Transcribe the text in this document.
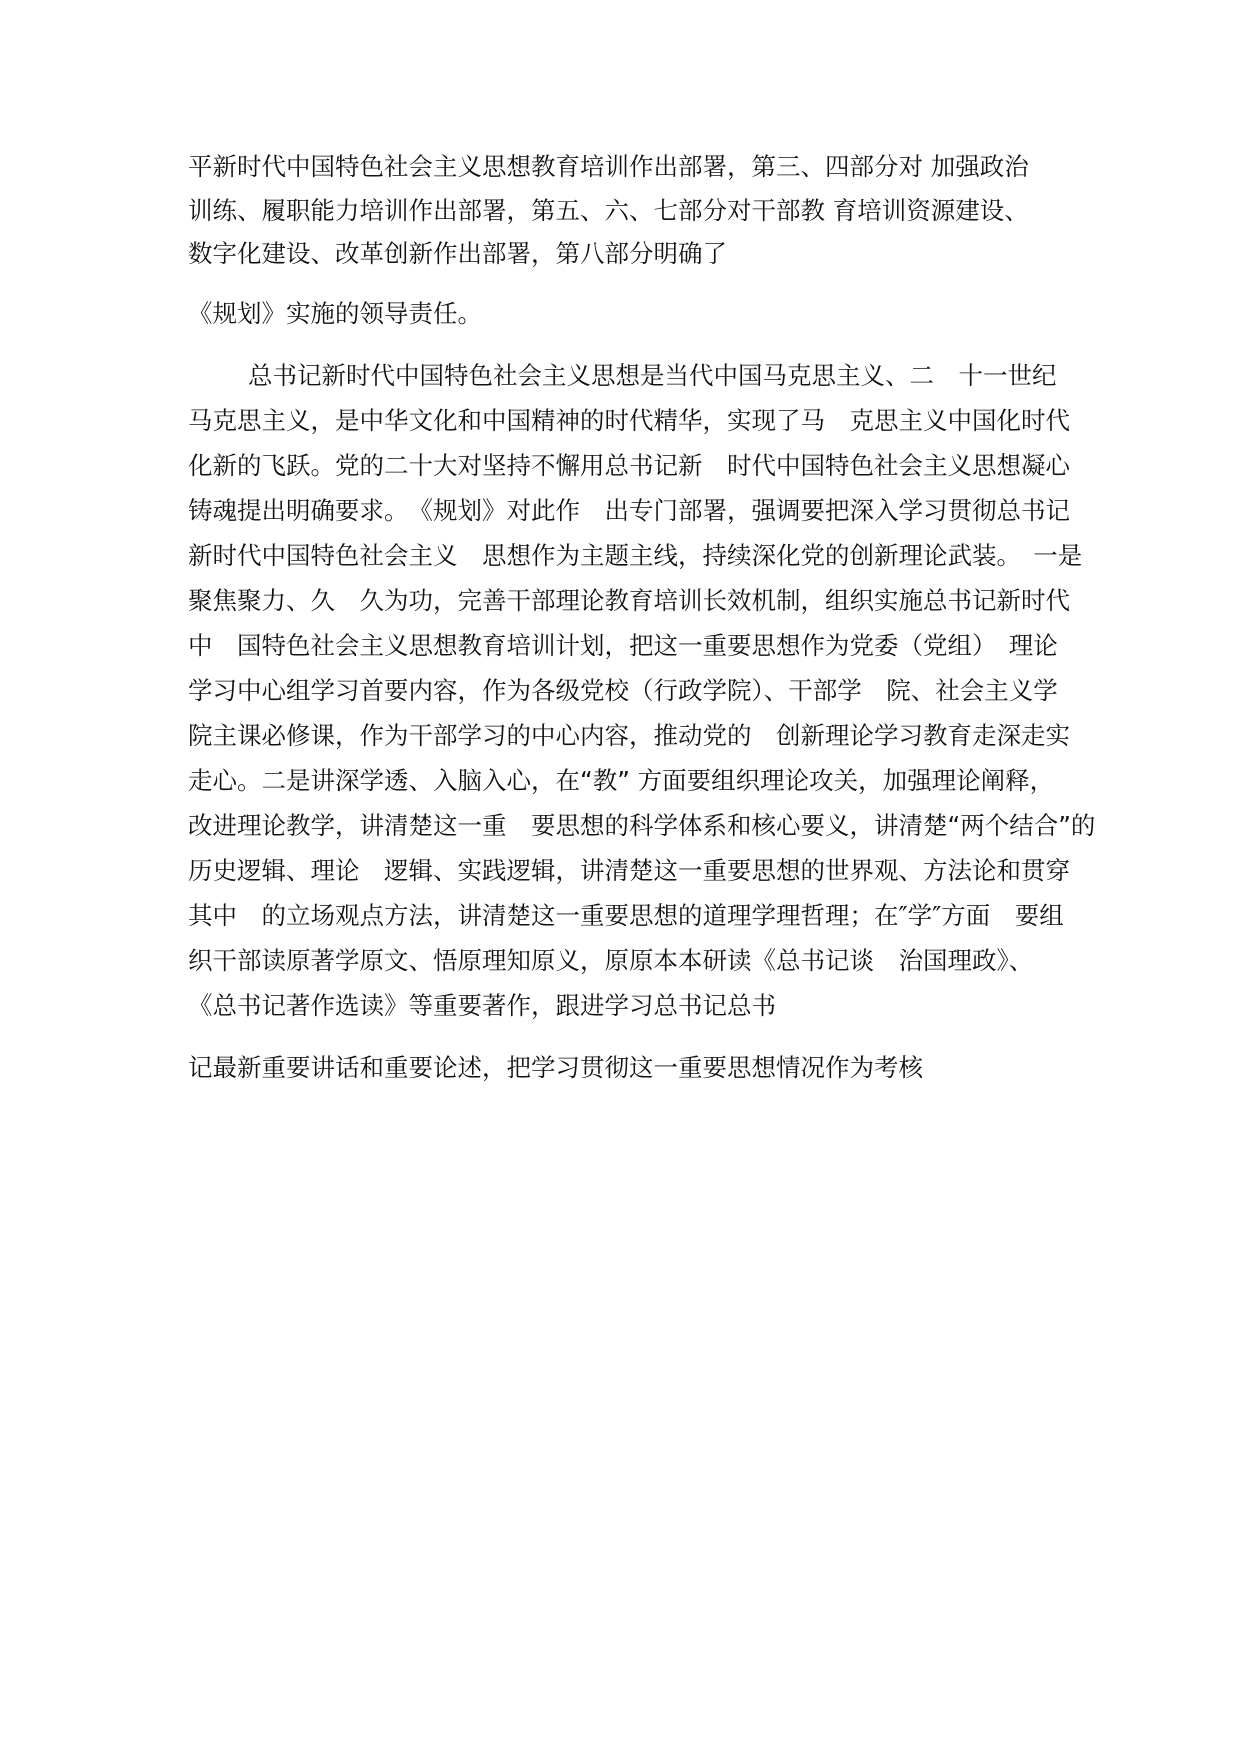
平新时代中国特色社会主义思想教育培训作出部署，第三、四部分对 加强政治
训练、履职能力培训作出部署，第五、六、七部分对干部教 育培训资源建设、
数字化建设、改革创新作出部署，第八部分明确了
《规划》实施的领导责任。
总书记新时代中国特色社会主义思想是当代中国马克思主义、二　十一世纪
马克思主义，是中华文化和中国精神的时代精华，实现了马　克思主义中国化时代
化新的飞跃。党的二十大对坚持不懈用总书记新　时代中国特色社会主义思想凝心
铸魂提出明确要求。　《规划》对此作　出专门部署，强调要把深入学习贯彻总书记
新时代中国特色社会主义　思想作为主题主线，持续深化党的创新理论武装。　一是
聚焦聚力、久　久为功，完善干部理论教育培训长效机制，组织实施总书记新时代
中　国特色社会主义思想教育培训计划，把这一重要思想作为党委（党组）　理论
学习中心组学习首要内容，作为各级党校（行政学院）、干部学　院、社会主义学
院主课必修课，作为干部学习的中心内容，推动党的　创新理论学习教育走深走实
走心。二是讲深学透、入脑入心，在“教” 方面要组织理论攻关，加强理论阐释，
改进理论教学，讲清楚这一重　要思想的科学体系和核心要义，讲清楚“两个结合”的
历史逻辑、理论　逻辑、实践逻辑，讲清楚这一重要思想的世界观、方法论和贯穿
其中　的立场观点方法，讲清楚这一重要思想的道理学理哲理；在″学″方面　要组
织干部读原著学原文、悟原理知原义，原原本本研读《总书记谈　治国理政》、
《总书记著作选读》等重要著作，跟进学习总书记总书
记最新重要讲话和重要论述，把学习贯彻这一重要思想情况作为考核
